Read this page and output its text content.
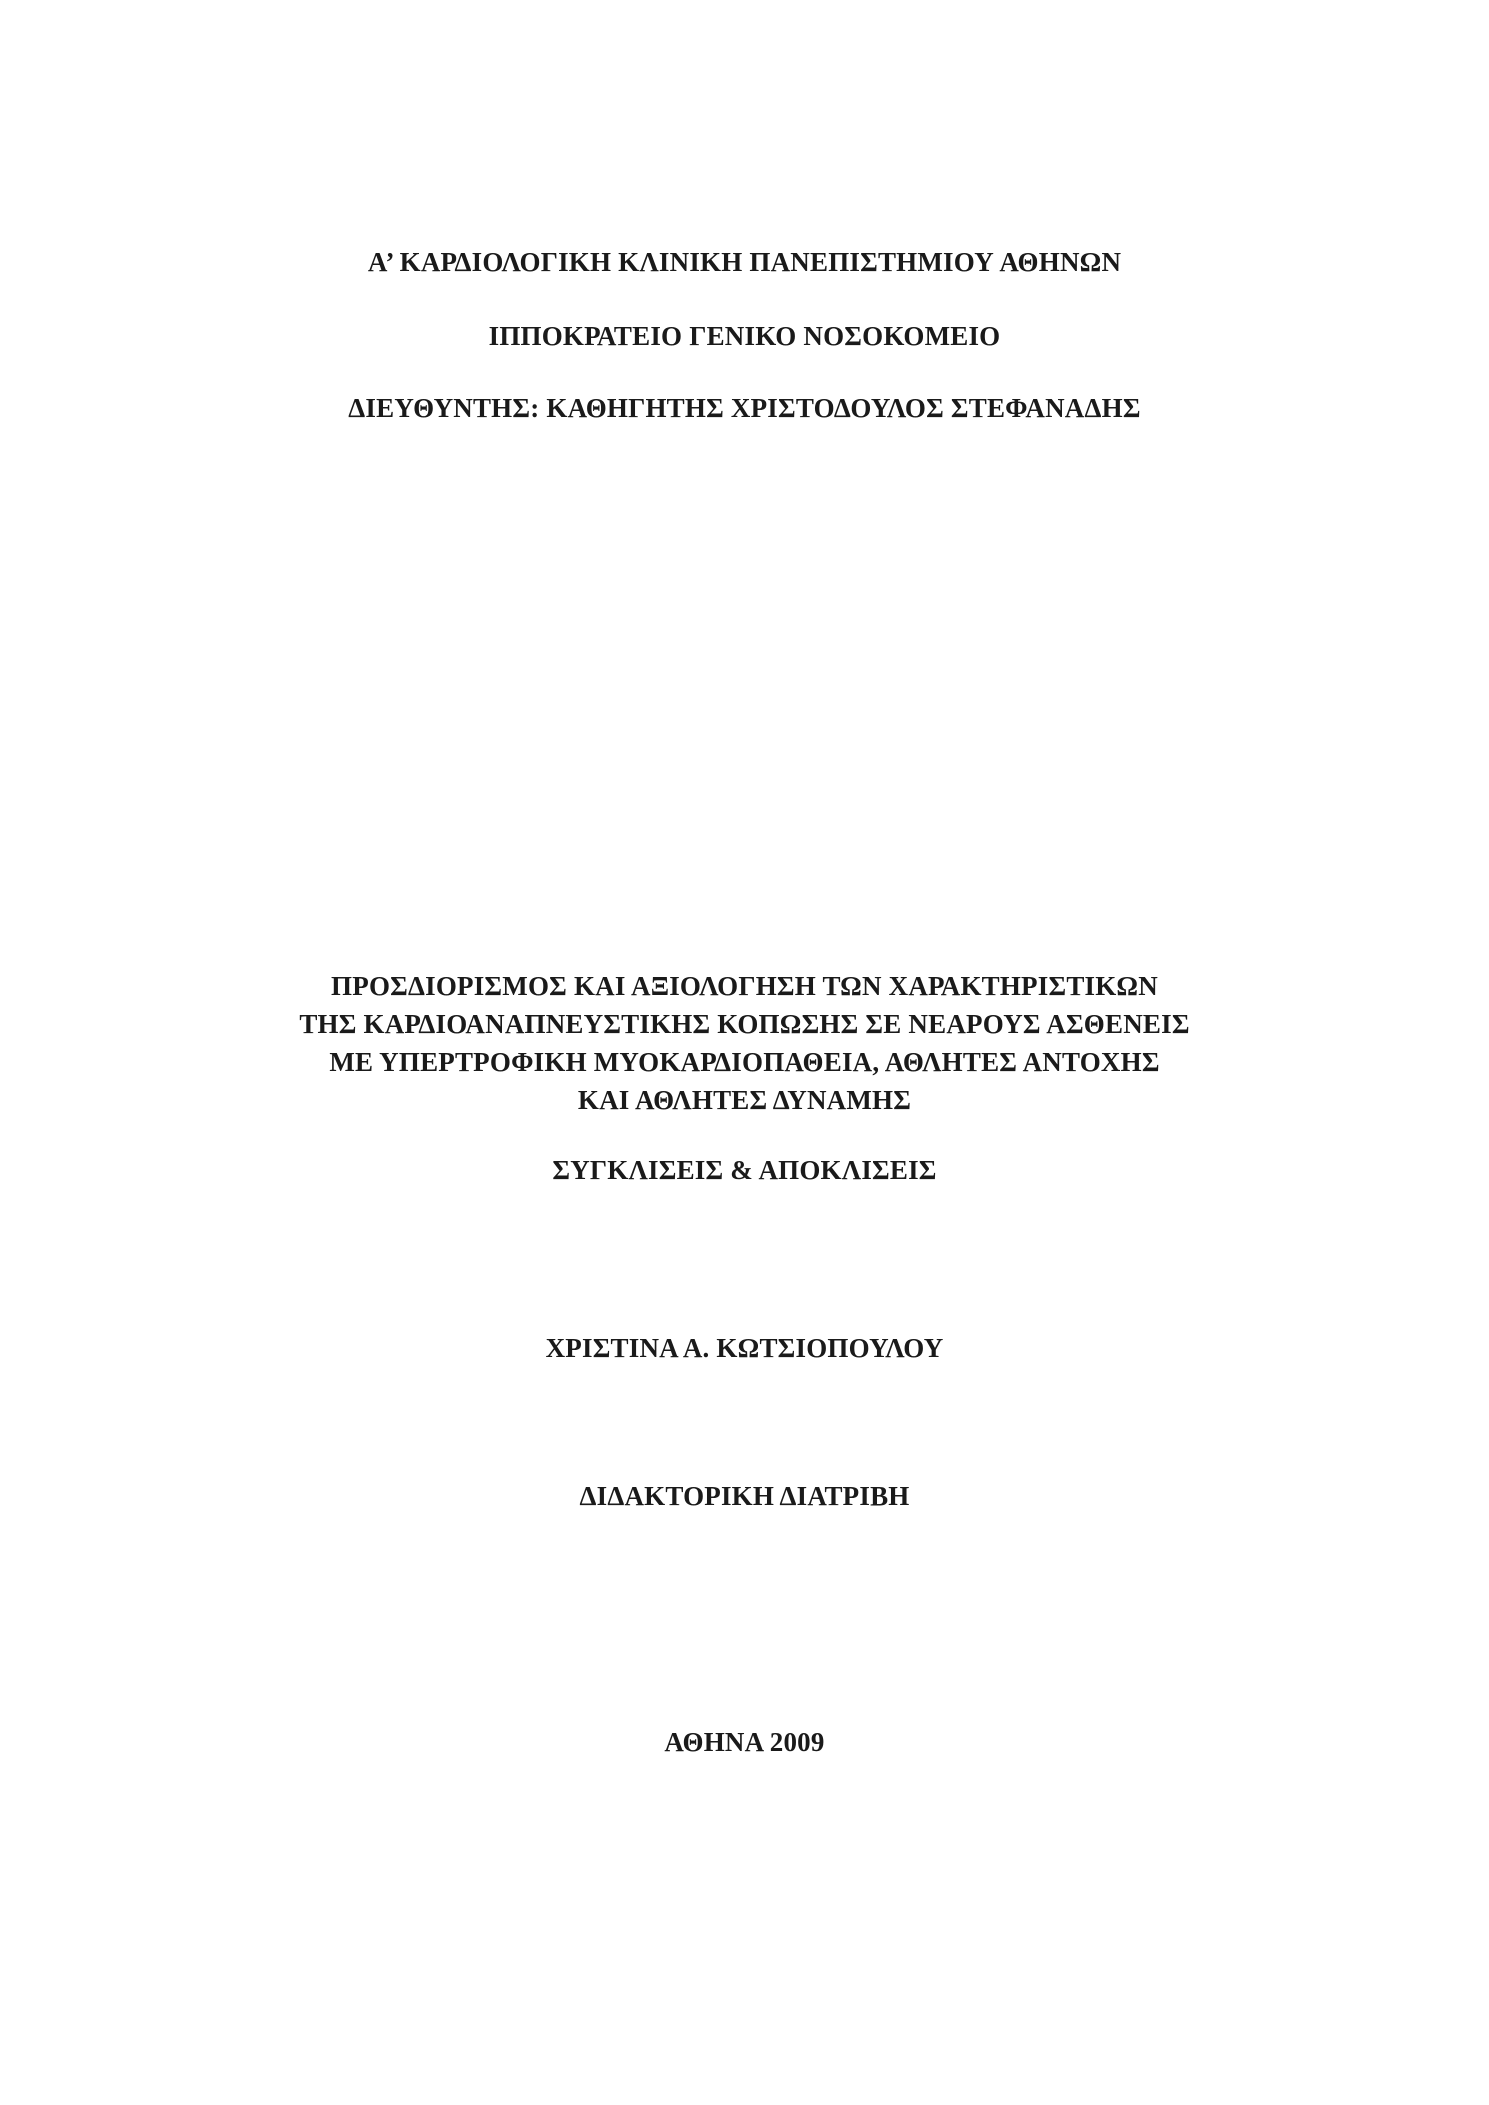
Α’ ΚΑΡΔΙΟΛΟΓΙΚΗ ΚΛΙΝΙΚΗ ΠΑΝΕΠΙΣΤΗΜΙΟΥ ΑΘΗΝΩΝ
ΙΠΠΟΚΡΑΤΕΙΟ ΓΕΝΙΚΟ ΝΟΣΟΚΟΜΕΙΟ
ΔΙΕΥΘΥΝΤΗΣ: ΚΑΘΗΓΗΤΗΣ ΧΡΙΣΤΟΔΟΥΛΟΣ ΣΤΕΦΑΝΑΔΗΣ
ΠΡΟΣΔΙΟΡΙΣΜΟΣ ΚΑΙ ΑΞΙΟΛΟΓΗΣΗ ΤΩΝ ΧΑΡΑΚΤΗΡΙΣΤΙΚΩΝ
ΤΗΣ ΚΑΡΔΙΟΑΝΑΠΝΕΥΣΤΙΚΗΣ ΚΟΠΩΣΗΣ ΣΕ ΝΕΑΡΟΥΣ ΑΣΘΕΝΕΙΣ
ΜΕ ΥΠΕΡΤΡΟΦΙΚΗ ΜΥΟΚΑΡΔΙΟΠΑΘΕΙΑ, ΑΘΛΗΤΕΣ ΑΝΤΟΧΗΣ
ΚΑΙ ΑΘΛΗΤΕΣ ΔΥΝΑΜΗΣ
ΣΥΓΚΛΙΣΕΙΣ & ΑΠΟΚΛΙΣΕΙΣ
ΧΡΙΣΤΙΝΑ Α. ΚΩΤΣΙΟΠΟΥΛΟΥ
ΔΙΔΑΚΤΟΡΙΚΗ ΔΙΑΤΡΙΒΗ
ΑΘΗΝΑ 2009
